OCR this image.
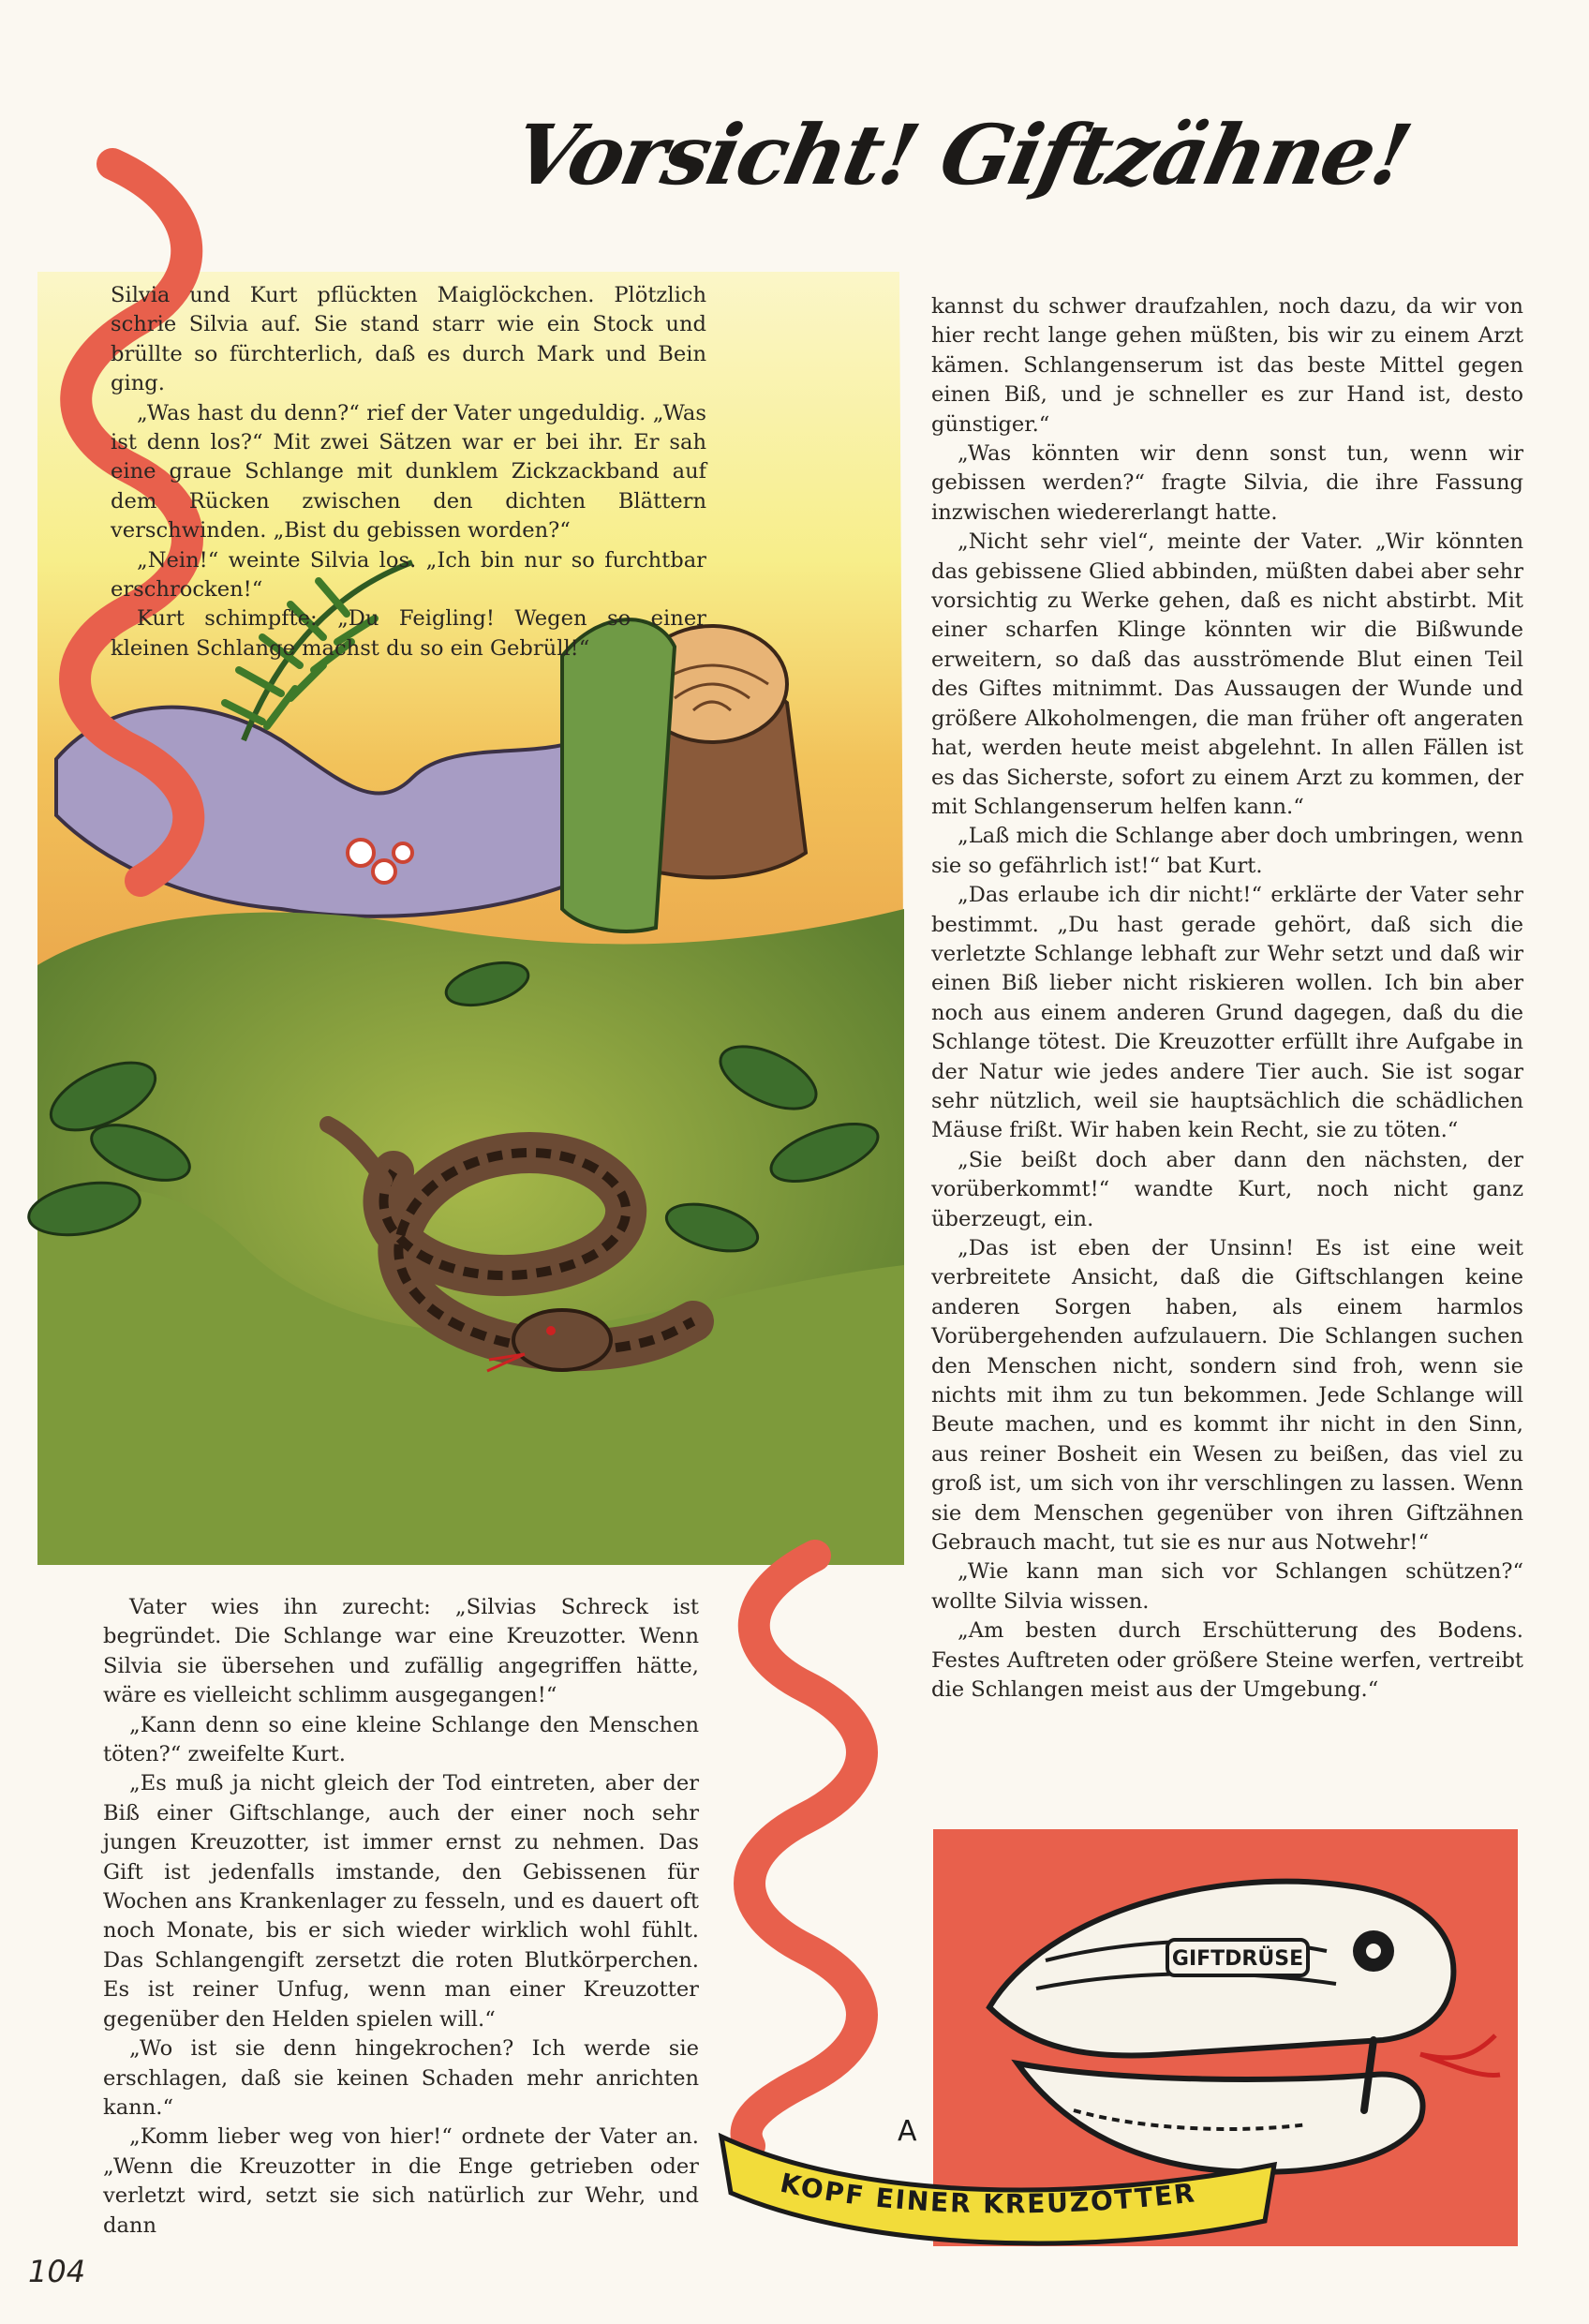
Vorsicht! Giftzähne!

Silvia und Kurt pflückten Maiglöckchen. Plötzlich schrie Silvia auf. Sie stand starr wie ein Stock und brüllte so fürchterlich, daß es durch Mark und Bein ging.

„Was hast du denn?“ rief der Vater ungeduldig. „Was ist denn los?“ Mit zwei Sätzen war er bei ihr. Er sah eine graue Schlange mit dunklem Zickzackband auf dem Rücken zwischen den dichten Blättern verschwinden. „Bist du gebissen worden?“

„Nein!“ weinte Silvia los. „Ich bin nur so furchtbar erschrocken!“

Kurt schimpfte: „Du Feigling! Wegen so einer kleinen Schlange machst du so ein Gebrüll!“

Vater wies ihn zurecht: „Silvias Schreck ist begründet. Die Schlange war eine Kreuzotter. Wenn Silvia sie übersehen und zufällig angegriffen hätte, wäre es vielleicht schlimm ausgegangen!“

„Kann denn so eine kleine Schlange den Menschen töten?“ zweifelte Kurt.

„Es muß ja nicht gleich der Tod eintreten, aber der Biß einer Giftschlange, auch der einer noch sehr jungen Kreuzotter, ist immer ernst zu nehmen. Das Gift ist jedenfalls imstande, den Gebissenen für Wochen ans Krankenlager zu fesseln, und es dauert oft noch Monate, bis er sich wieder wirklich wohl fühlt. Das Schlangengift zersetzt die roten Blutkörperchen. Es ist reiner Unfug, wenn man einer Kreuzotter gegenüber den Helden spielen will.“

„Wo ist sie denn hingekrochen? Ich werde sie erschlagen, daß sie keinen Schaden mehr anrichten kann.“

„Komm lieber weg von hier!“ ordnete der Vater an. „Wenn die Kreuzotter in die Enge getrieben oder verletzt wird, setzt sie sich natürlich zur Wehr, und dann

kannst du schwer draufzahlen, noch dazu, da wir von hier recht lange gehen müßten, bis wir zu einem Arzt kämen. Schlangenserum ist das beste Mittel gegen einen Biß, und je schneller es zur Hand ist, desto günstiger.“

„Was könnten wir denn sonst tun, wenn wir gebissen werden?“ fragte Silvia, die ihre Fassung inzwischen wiedererlangt hatte.

„Nicht sehr viel“, meinte der Vater. „Wir könnten das gebissene Glied abbinden, müßten dabei aber sehr vorsichtig zu Werke gehen, daß es nicht abstirbt. Mit einer scharfen Klinge könnten wir die Bißwunde erweitern, so daß das ausströmende Blut einen Teil des Giftes mitnimmt. Das Aussaugen der Wunde und größere Alkoholmengen, die man früher oft angeraten hat, werden heute meist abgelehnt. In allen Fällen ist es das Sicherste, sofort zu einem Arzt zu kommen, der mit Schlangenserum helfen kann.“

„Laß mich die Schlange aber doch umbringen, wenn sie so gefährlich ist!“ bat Kurt.

„Das erlaube ich dir nicht!“ erklärte der Vater sehr bestimmt. „Du hast gerade gehört, daß sich die verletzte Schlange lebhaft zur Wehr setzt und daß wir einen Biß lieber nicht riskieren wollen. Ich bin aber noch aus einem anderen Grund dagegen, daß du die Schlange tötest. Die Kreuzotter erfüllt ihre Aufgabe in der Natur wie jedes andere Tier auch. Sie ist sogar sehr nützlich, weil sie hauptsächlich die schädlichen Mäuse frißt. Wir haben kein Recht, sie zu töten.“

„Sie beißt doch aber dann den nächsten, der vorüberkommt!“ wandte Kurt, noch nicht ganz überzeugt, ein.

„Das ist eben der Unsinn! Es ist eine weit verbreitete Ansicht, daß die Giftschlangen keine anderen Sorgen haben, als einem harmlos Vorübergehenden aufzulauern. Die Schlangen suchen den Menschen nicht, sondern sind froh, wenn sie nichts mit ihm zu tun bekommen. Jede Schlange will Beute machen, und es kommt ihr nicht in den Sinn, aus reiner Bosheit ein Wesen zu beißen, das viel zu groß ist, um sich von ihr verschlingen zu lassen. Wenn sie dem Menschen gegenüber von ihren Giftzähnen Gebrauch macht, tut sie es nur aus Notwehr!“

„Wie kann man sich vor Schlangen schützen?“ wollte Silvia wissen.

„Am besten durch Erschütterung des Bodens. Festes Auftreten oder größere Steine werfen, vertreibt die Schlangen meist aus der Umgebung.“

GIFTDRÜSE
KOPF EINER KREUZOTTER
A
104
